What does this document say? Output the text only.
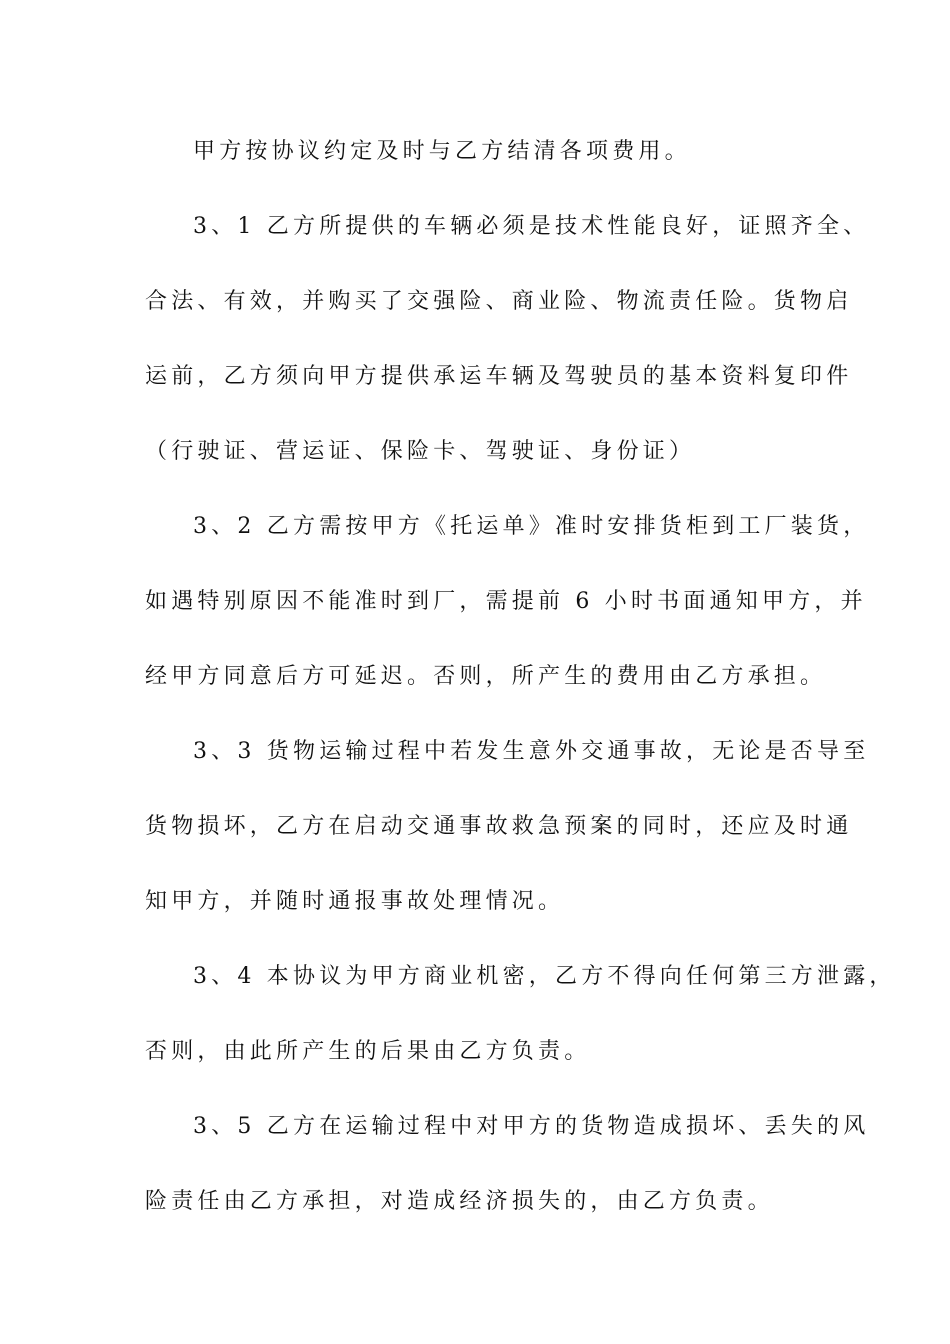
甲方按协议约定及时与乙方结清各项费用。
3、1 乙方所提供的车辆必须是技术性能良好，证照齐全、
合法、有效，并购买了交强险、商业险、物流责任险。货物启
运前，乙方须向甲方提供承运车辆及驾驶员的基本资料复印件
（行驶证、营运证、保险卡、驾驶证、身份证）
3、2 乙方需按甲方《托运单》准时安排货柜到工厂装货，
如遇特别原因不能准时到厂，需提前 6 小时书面通知甲方，并
经甲方同意后方可延迟。否则，所产生的费用由乙方承担。
3、3 货物运输过程中若发生意外交通事故，无论是否导至
货物损坏，乙方在启动交通事故救急预案的同时，还应及时通
知甲方，并随时通报事故处理情况。
3、4 本协议为甲方商业机密，乙方不得向任何第三方泄露，
否则，由此所产生的后果由乙方负责。
3、5 乙方在运输过程中对甲方的货物造成损坏、丢失的风
险责任由乙方承担，对造成经济损失的，由乙方负责。
